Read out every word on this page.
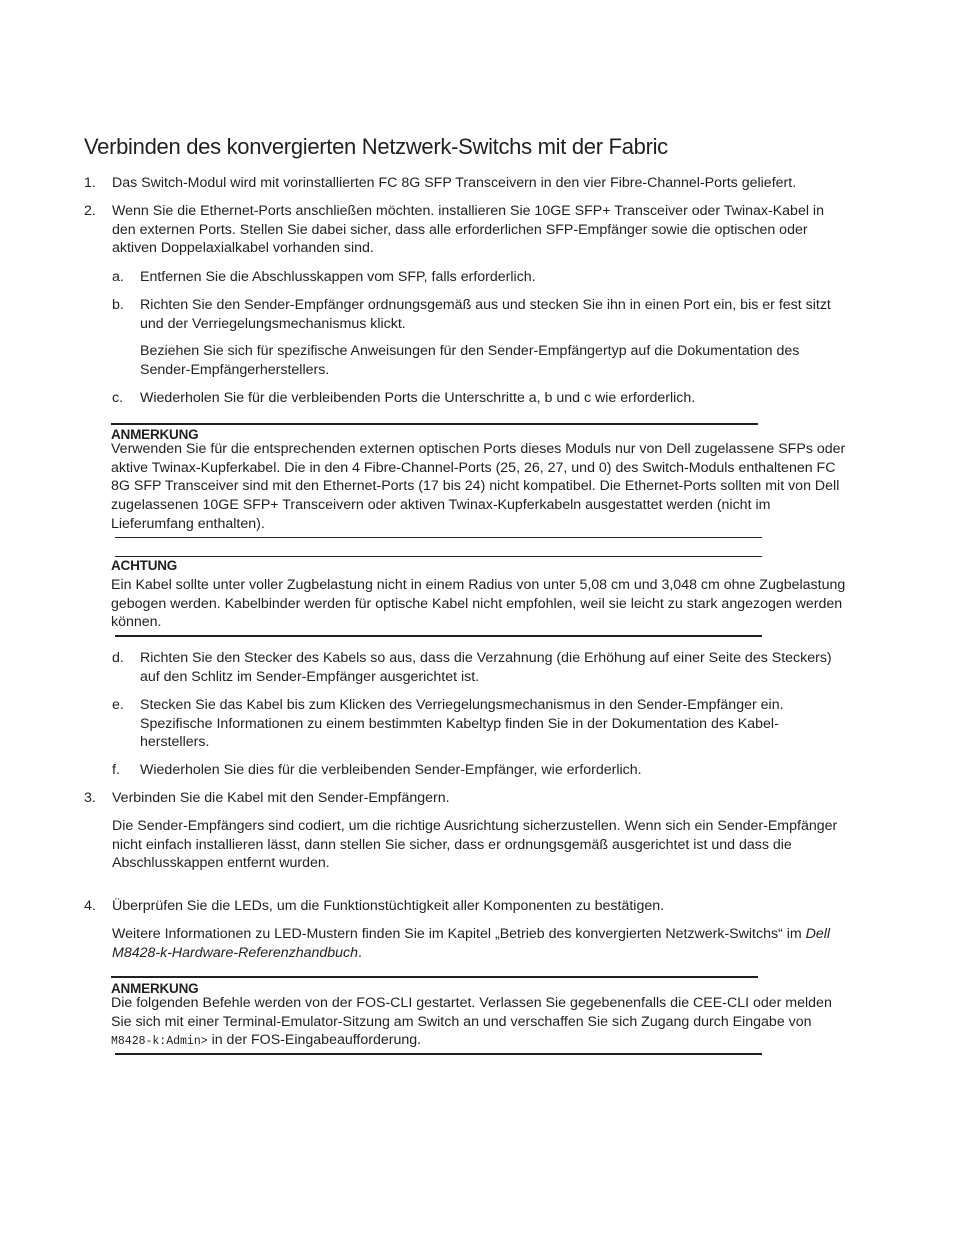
Verbinden des konvergierten Netzwerk-Switchs mit der Fabric
1. Das Switch-Modul wird mit vorinstallierten FC 8G SFP Transceivern in den vier Fibre-Channel-Ports geliefert.

2. Wenn Sie die Ethernet-Ports anschließen möchten. installieren Sie 10GE SFP+ Transceiver oder Twinax-Kabel in den externen Ports. Stellen Sie dabei sicher, dass alle erforderlichen SFP-Empfänger sowie die optischen oder aktiven Doppelaxialkabel vorhanden sind.

a. Entfernen Sie die Abschlusskappen vom SFP, falls erforderlich.

b. Richten Sie den Sender-Empfänger ordnungsgemäß aus und stecken Sie ihn in einen Port ein, bis er fest sitzt und der Verriegelungsmechanismus klickt.

Beziehen Sie sich für spezifische Anweisungen für den Sender-Empfängertyp auf die Dokumentation des Sender-Empfängerherstellers.

c. Wiederholen Sie für die verbleibenden Ports die Unterschritte a, b und c wie erforderlich.

ANMERKUNG

Verwenden Sie für die entsprechenden externen optischen Ports dieses Moduls nur von Dell zugelassene SFPs oder aktive Twinax-Kupferkabel. Die in den 4 Fibre-Channel-Ports (25, 26, 27, und 0) des Switch-Moduls enthaltenen FC 8G SFP Transceiver sind mit den Ethernet-Ports (17 bis 24) nicht kompatibel. Die Ethernet-Ports sollten mit von Dell zugelassenen 10GE SFP+ Transceivern oder aktiven Twinax-Kupferkabeln ausgestattet werden (nicht im Lieferumfang enthalten).

ACHTUNG

Ein Kabel sollte unter voller Zugbelastung nicht in einem Radius von unter 5,08 cm und 3,048 cm ohne Zugbelastung gebogen werden. Kabelbinder werden für optische Kabel nicht empfohlen, weil sie leicht zu stark angezogen werden können.

d. Richten Sie den Stecker des Kabels so aus, dass die Verzahnung (die Erhöhung auf einer Seite des Steckers) auf den Schlitz im Sender-Empfänger ausgerichtet ist.

e. Stecken Sie das Kabel bis zum Klicken des Verriegelungsmechanismus in den Sender-Empfänger ein. Spezifische Informationen zu einem bestimmten Kabeltyp finden Sie in der Dokumentation des Kabel-herstellers.

f. Wiederholen Sie dies für die verbleibenden Sender-Empfänger, wie erforderlich.

3. Verbinden Sie die Kabel mit den Sender-Empfängern.

Die Sender-Empfängers sind codiert, um die richtige Ausrichtung sicherzustellen. Wenn sich ein Sender-Empfänger nicht einfach installieren lässt, dann stellen Sie sicher, dass er ordnungsgemäß ausgerichtet ist und dass die Abschlusskappen entfernt wurden.

4. Überprüfen Sie die LEDs, um die Funktionstüchtigkeit aller Komponenten zu bestätigen.

Weitere Informationen zu LED-Mustern finden Sie im Kapitel „Betrieb des konvergierten Netzwerk-Switchs“ im Dell M8428-k-Hardware-Referenzhandbuch.

ANMERKUNG

Die folgenden Befehle werden von der FOS-CLI gestartet. Verlassen Sie gegebenenfalls die CEE-CLI oder melden Sie sich mit einer Terminal-Emulator-Sitzung am Switch an und verschaffen Sie sich Zugang durch Eingabe von M8428-k:Admin> in der FOS-Eingabeaufforderung.
